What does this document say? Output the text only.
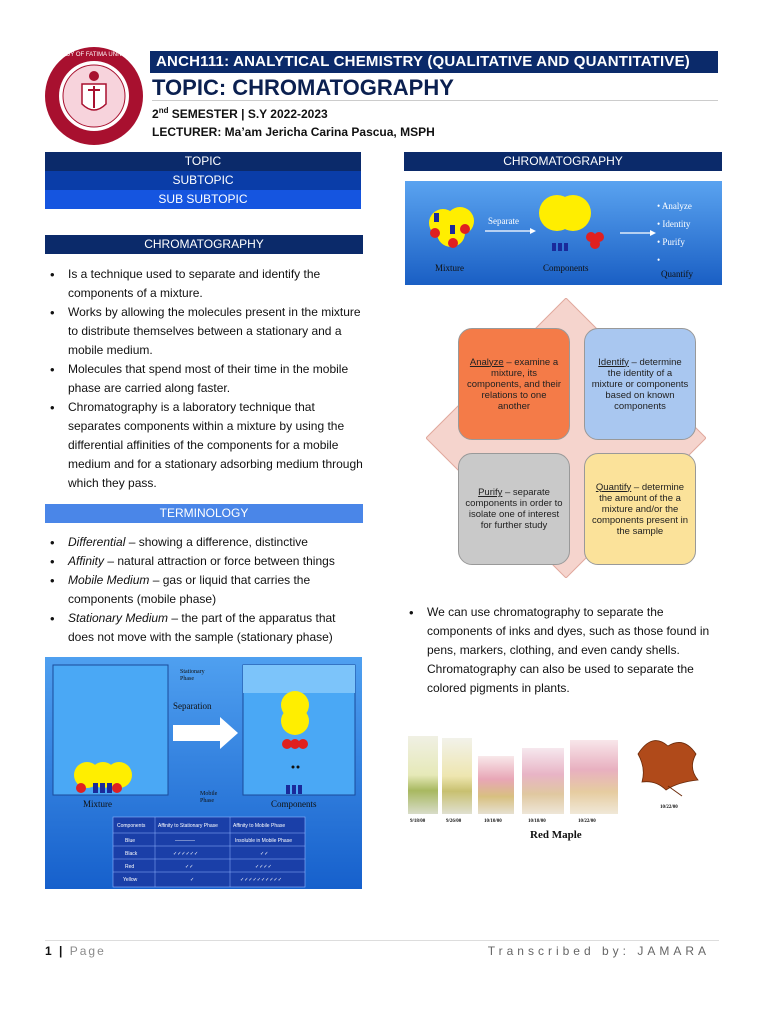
OUR LADY OF FATIMA UNIVERSITY ANCH111: ANALYTICAL CHEMISTRY (QUALITATIVE AND QUANTITATIVE)
TOPIC: CHROMATOGRAPHY
2nd SEMESTER | S.Y 2022-2023
LECTURER: Ma’am Jericha Carina Pascua, MSPH
TOPIC
SUBTOPIC
SUB SUBTOPIC
CHROMATOGRAPHY
CHROMATOGRAPHY
• Is a technique used to separate and identify the components of a mixture.
• Works by allowing the molecules present in the mixture to distribute themselves between a stationary and a mobile medium.
• Molecules that spend most of their time in the mobile phase are carried along faster.
• Chromatography is a laboratory technique that separates components within a mixture by using the differential affinities of the components for a mobile medium and for a stationary adsorbing medium through which they pass.
TERMINOLOGY
• Differential – showing a difference, distinctive
• Affinity – natural attraction or force between things
• Mobile Medium – gas or liquid that carries the components (mobile phase)
• Stationary Medium – the part of the apparatus that does not move with the sample (stationary phase)
Mixture
Separate
Components
• Analyze
• Identity
• Purify
•
Quantify
Analyze – examine a mixture, its components, and their relations to one another
Identify – determine the identity of a mixture or components based on known components
Purify – separate components in order to isolate one of interest for further study
Quantify – determine the amount of the a mixture and/or the components present in the sample
• We can use chromatography to separate the components of inks and dyes, such as those found in pens, markers, clothing, and even candy shells. Chromatography can also be used to separate the colored pigments in plants.
Separation
Stationary
Phase
Mobile
Phase
Mixture	Components
Components	Affinity to Stationary Phase	Affinity to Mobile Phase
Blue	————	Insoluble in Mobile Phase
Black	✓✓✓✓✓✓	✓✓
Red	✓✓	✓✓✓✓
Yellow	✓	✓✓✓✓✓✓✓✓✓✓
9/18/00	9/26/00	10/10/00	10/18/00	10/22/00
10/22/00
Red Maple
1 | Page	Transcribed by: JAMARA
